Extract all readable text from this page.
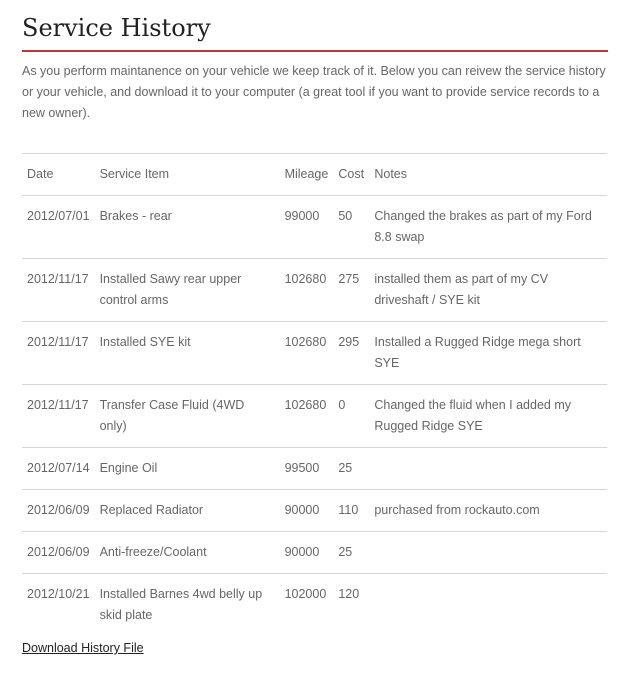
Service History

As you perform maintanence on your vehicle we keep track of it. Below you can reivew the service history or your vehicle, and download it to your computer (a great tool if you want to provide service records to a new owner).

Date	Service Item	Mileage	Cost	Notes
2012/07/01	Brakes - rear	99000	50	Changed the brakes as part of my Ford 8.8 swap
2012/11/17	Installed Sawy rear upper control arms	102680	275	installed them as part of my CV driveshaft / SYE kit
2012/11/17	Installed SYE kit	102680	295	Installed a Rugged Ridge mega short SYE
2012/11/17	Transfer Case Fluid (4WD only)	102680	0	Changed the fluid when I added my Rugged Ridge SYE
2012/07/14	Engine Oil	99500	25	
2012/06/09	Replaced Radiator	90000	110	purchased from rockauto.com
2012/06/09	Anti-freeze/Coolant	90000	25	
2012/10/21	Installed Barnes 4wd belly up skid plate	102000	120	
Download History File
